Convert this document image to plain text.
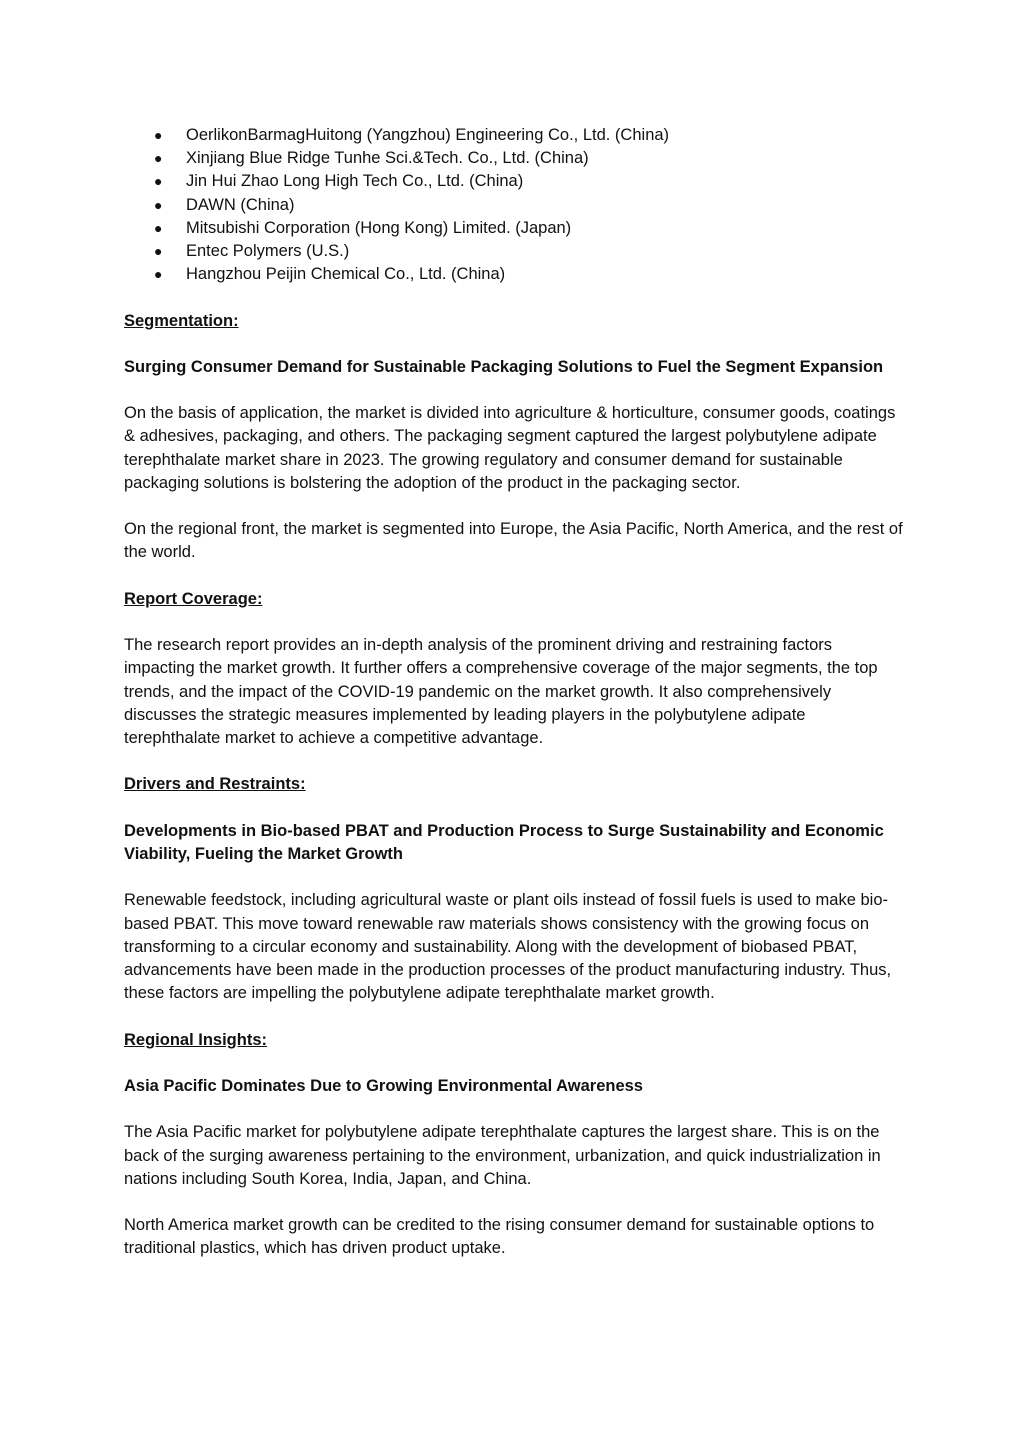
● OerlikonBarmagHuitong (Yangzhou) Engineering Co., Ltd. (China)
● Xinjiang Blue Ridge Tunhe Sci.&Tech. Co., Ltd. (China)
● Jin Hui Zhao Long High Tech Co., Ltd. (China)
● DAWN (China)
● Mitsubishi Corporation (Hong Kong) Limited. (Japan)
● Entec Polymers (U.S.)
● Hangzhou Peijin Chemical Co., Ltd. (China)

Segmentation:

Surging Consumer Demand for Sustainable Packaging Solutions to Fuel the Segment Expansion

On the basis of application, the market is divided into agriculture & horticulture, consumer goods, coatings & adhesives, packaging, and others. The packaging segment captured the largest polybutylene adipate terephthalate market share in 2023. The growing regulatory and consumer demand for sustainable packaging solutions is bolstering the adoption of the product in the packaging sector.

On the regional front, the market is segmented into Europe, the Asia Pacific, North America, and the rest of the world.

Report Coverage:

The research report provides an in-depth analysis of the prominent driving and restraining factors impacting the market growth. It further offers a comprehensive coverage of the major segments, the top trends, and the impact of the COVID-19 pandemic on the market growth. It also comprehensively discusses the strategic measures implemented by leading players in the polybutylene adipate terephthalate market to achieve a competitive advantage.

Drivers and Restraints:

Developments in Bio-based PBAT and Production Process to Surge Sustainability and Economic Viability, Fueling the Market Growth

Renewable feedstock, including agricultural waste or plant oils instead of fossil fuels is used to make bio-based PBAT. This move toward renewable raw materials shows consistency with the growing focus on transforming to a circular economy and sustainability. Along with the development of biobased PBAT, advancements have been made in the production processes of the product manufacturing industry. Thus, these factors are impelling the polybutylene adipate terephthalate market growth.

Regional Insights:

Asia Pacific Dominates Due to Growing Environmental Awareness

The Asia Pacific market for polybutylene adipate terephthalate captures the largest share. This is on the back of the surging awareness pertaining to the environment, urbanization, and quick industrialization in nations including South Korea, India, Japan, and China.

North America market growth can be credited to the rising consumer demand for sustainable options to traditional plastics, which has driven product uptake.
